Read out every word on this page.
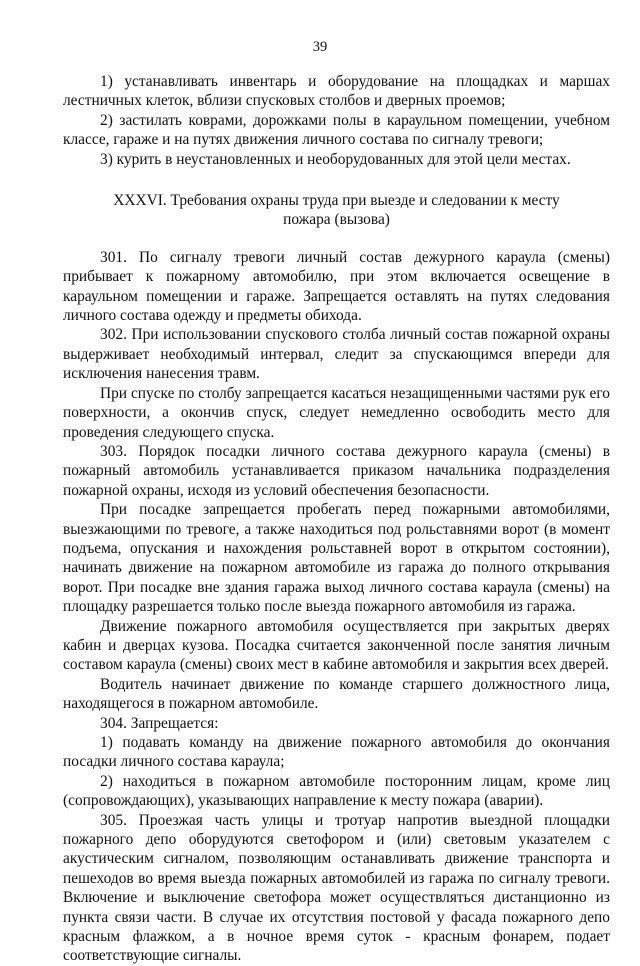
39

1) устанавливать инвентарь и оборудование на площадках и маршах лестничных клеток, вблизи спусковых столбов и дверных проемов;

2) застилать коврами, дорожками полы в караульном помещении, учебном классе, гараже и на путях движения личного состава по сигналу тревоги;

3) курить в неустановленных и необорудованных для этой цели местах.

XXXVI. Требования охраны труда при выезде и следовании к месту
пожара (вызова)

301. По сигналу тревоги личный состав дежурного караула (смены) прибывает к пожарному автомобилю, при этом включается освещение в караульном помещении и гараже. Запрещается оставлять на путях следования личного состава одежду и предметы обихода.

302. При использовании спускового столба личный состав пожарной охраны выдерживает необходимый интервал, следит за спускающимся впереди для исключения нанесения травм.

При спуске по столбу запрещается касаться незащищенными частями рук его поверхности, а окончив спуск, следует немедленно освободить место для проведения следующего спуска.

303. Порядок посадки личного состава дежурного караула (смены) в пожарный автомобиль устанавливается приказом начальника подразделения пожарной охраны, исходя из условий обеспечения безопасности.

При посадке запрещается пробегать перед пожарными автомобилями, выезжающими по тревоге, а также находиться под рольставнями ворот (в момент подъема, опускания и нахождения рольставней ворот в открытом состоянии), начинать движение на пожарном автомобиле из гаража до полного открывания ворот. При посадке вне здания гаража выход личного состава караула (смены) на площадку разрешается только после выезда пожарного автомобиля из гаража.

Движение пожарного автомобиля осуществляется при закрытых дверях кабин и дверцах кузова. Посадка считается законченной после занятия личным составом караула (смены) своих мест в кабине автомобиля и закрытия всех дверей.

Водитель начинает движение по команде старшего должностного лица, находящегося в пожарном автомобиле.

304. Запрещается:

1) подавать команду на движение пожарного автомобиля до окончания посадки личного состава караула;

2) находиться в пожарном автомобиле посторонним лицам, кроме лиц (сопровождающих), указывающих направление к месту пожара (аварии).

305. Проезжая часть улицы и тротуар напротив выездной площадки пожарного депо оборудуются светофором и (или) световым указателем с акустическим сигналом, позволяющим останавливать движение транспорта и пешеходов во время выезда пожарных автомобилей из гаража по сигналу тревоги. Включение и выключение светофора может осуществляться дистанционно из пункта связи части. В случае их отсутствия постовой у фасада пожарного депо красным флажком, а в ночное время суток - красным фонарем, подает соответствующие сигналы.
